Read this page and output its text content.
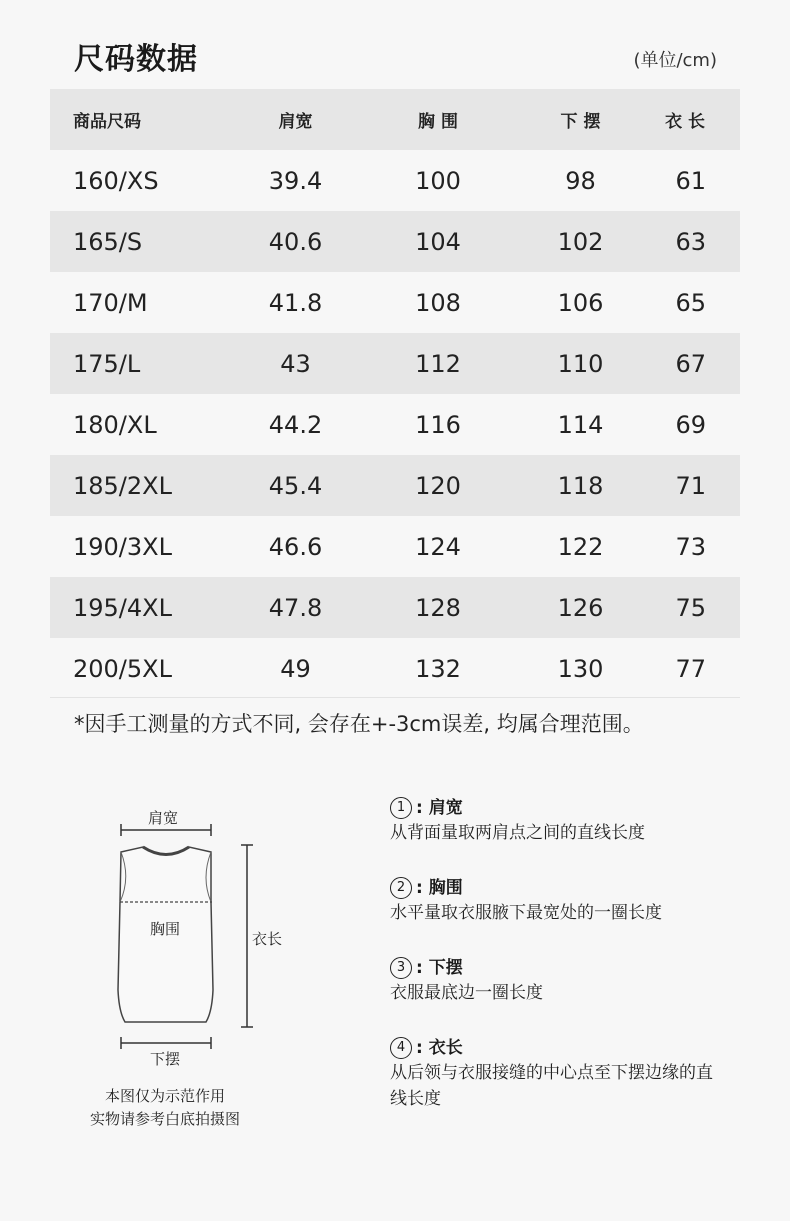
尺码数据	(单位/cm)
商品尺码	肩宽	胸 围	下 摆	衣 长
160/XS	39.4	100	98	61
165/S	40.6	104	102	63
170/M	41.8	108	106	65
175/L	43	112	110	67
180/XL	44.2	116	114	69
185/2XL	45.4	120	118	71
190/3XL	46.6	124	122	73
195/4XL	47.8	128	126	75
200/5XL	49	132	130	77
*因手工测量的方式不同, 会存在+-3cm误差, 均属合理范围。
肩宽
胸围
衣长
下摆
本图仅为示范作用
实物请参考白底拍摄图
1 : 肩宽
从背面量取两肩点之间的直线长度
2 : 胸围
水平量取衣服腋下最宽处的一圈长度
3 : 下摆
衣服最底边一圈长度
4 : 衣长
从后领与衣服接缝的中心点至下摆边缘的直线长度
